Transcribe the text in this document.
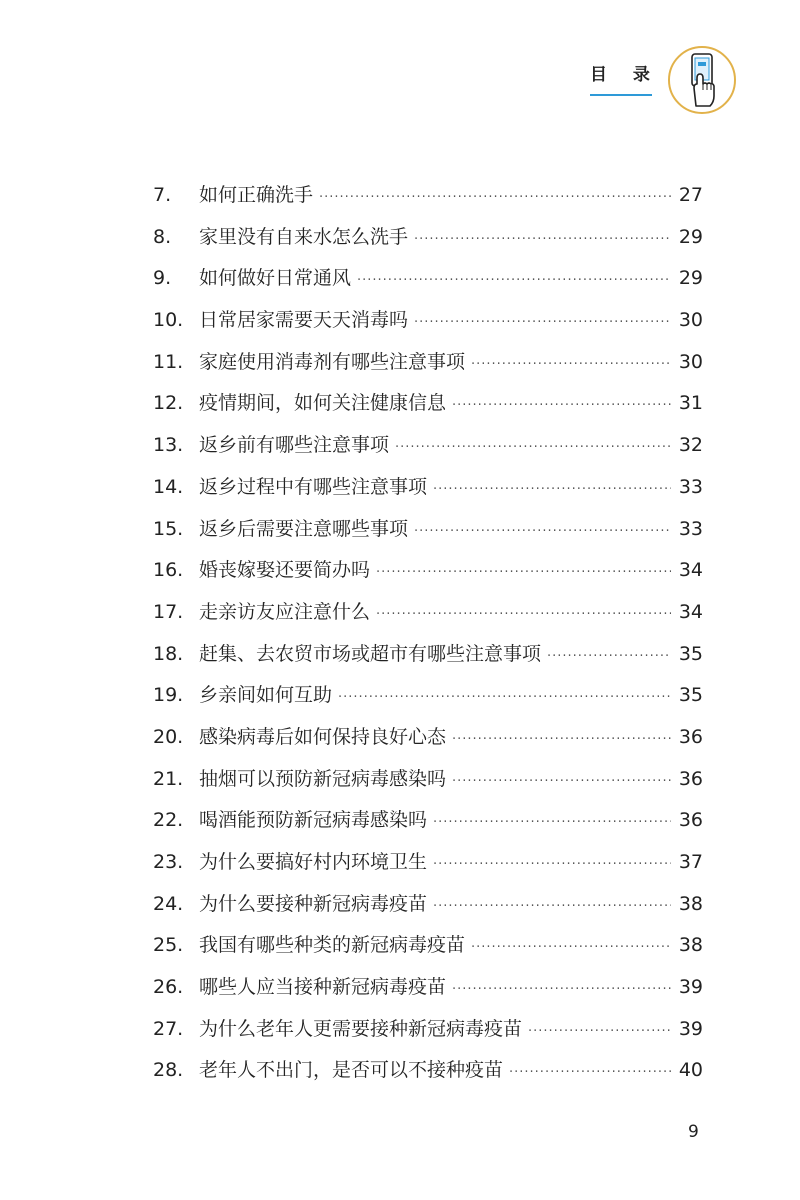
目 录
7.	如何正确洗手 ·····	27
8.	家里没有自来水怎么洗手 ·····	29
9.	如何做好日常通风 ·····	29
10. 日常居家需要天天消毒吗 ·····	30
11. 家庭使用消毒剂有哪些注意事项 ·····	30
12. 疫情期间，如何关注健康信息 ·····	31
13. 返乡前有哪些注意事项 ·····	32
14. 返乡过程中有哪些注意事项 ·····	33
15. 返乡后需要注意哪些事项 ·····	33
16. 婚丧嫁娶还要简办吗 ·····	34
17. 走亲访友应注意什么 ·····	34
18. 赶集、去农贸市场或超市有哪些注意事项 ·····	35
19. 乡亲间如何互助 ·····	35
20. 感染病毒后如何保持良好心态 ·····	36
21. 抽烟可以预防新冠病毒感染吗 ·····	36
22. 喝酒能预防新冠病毒感染吗 ·····	36
23. 为什么要搞好村内环境卫生 ·····	37
24. 为什么要接种新冠病毒疫苗 ·····	38
25. 我国有哪些种类的新冠病毒疫苗 ·····	38
26. 哪些人应当接种新冠病毒疫苗 ·····	39
27. 为什么老年人更需要接种新冠病毒疫苗 ·····	39
28. 老年人不出门，是否可以不接种疫苗 ·····	40
9
